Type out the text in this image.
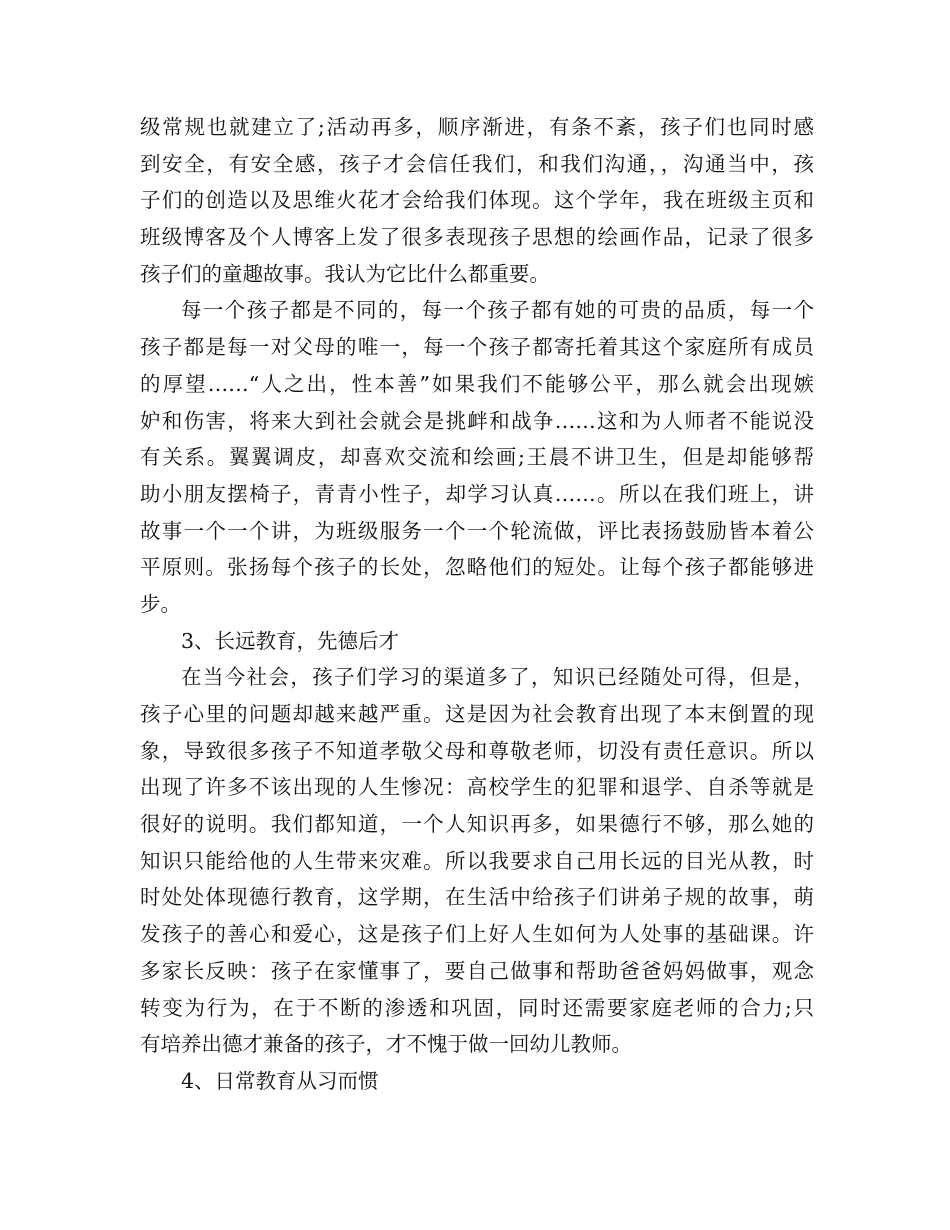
级常规也就建立了;活动再多，顺序渐进，有条不紊，孩子们也同时感
到安全，有安全感，孩子才会信任我们，和我们沟通，，沟通当中，孩
子们的创造以及思维火花才会给我们体现。这个学年，我在班级主页和
班级博客及个人博客上发了很多表现孩子思想的绘画作品，记录了很多
孩子们的童趣故事。我认为它比什么都重要。
每一个孩子都是不同的，每一个孩子都有她的可贵的品质，每一个
孩子都是每一对父母的唯一，每一个孩子都寄托着其这个家庭所有成员
的厚望……“人之出，性本善”如果我们不能够公平，那么就会出现嫉
妒和伤害，将来大到社会就会是挑衅和战争……这和为人师者不能说没
有关系。翼翼调皮，却喜欢交流和绘画;王晨不讲卫生，但是却能够帮
助小朋友摆椅子，青青小性子，却学习认真……。所以在我们班上，讲
故事一个一个讲，为班级服务一个一个轮流做，评比表扬鼓励皆本着公
平原则。张扬每个孩子的长处，忽略他们的短处。让每个孩子都能够进
步。
3、长远教育，先德后才
在当今社会，孩子们学习的渠道多了，知识已经随处可得，但是，
孩子心里的问题却越来越严重。这是因为社会教育出现了本末倒置的现
象，导致很多孩子不知道孝敬父母和尊敬老师，切没有责任意识。所以
出现了许多不该出现的人生惨况：高校学生的犯罪和退学、自杀等就是
很好的说明。我们都知道，一个人知识再多，如果德行不够，那么她的
知识只能给他的人生带来灾难。所以我要求自己用长远的目光从教，时
时处处体现德行教育，这学期，在生活中给孩子们讲弟子规的故事，萌
发孩子的善心和爱心，这是孩子们上好人生如何为人处事的基础课。许
多家长反映：孩子在家懂事了，要自己做事和帮助爸爸妈妈做事，观念
转变为行为，在于不断的渗透和巩固，同时还需要家庭老师的合力;只
有培养出德才兼备的孩子，才不愧于做一回幼儿教师。
4、日常教育从习而惯
